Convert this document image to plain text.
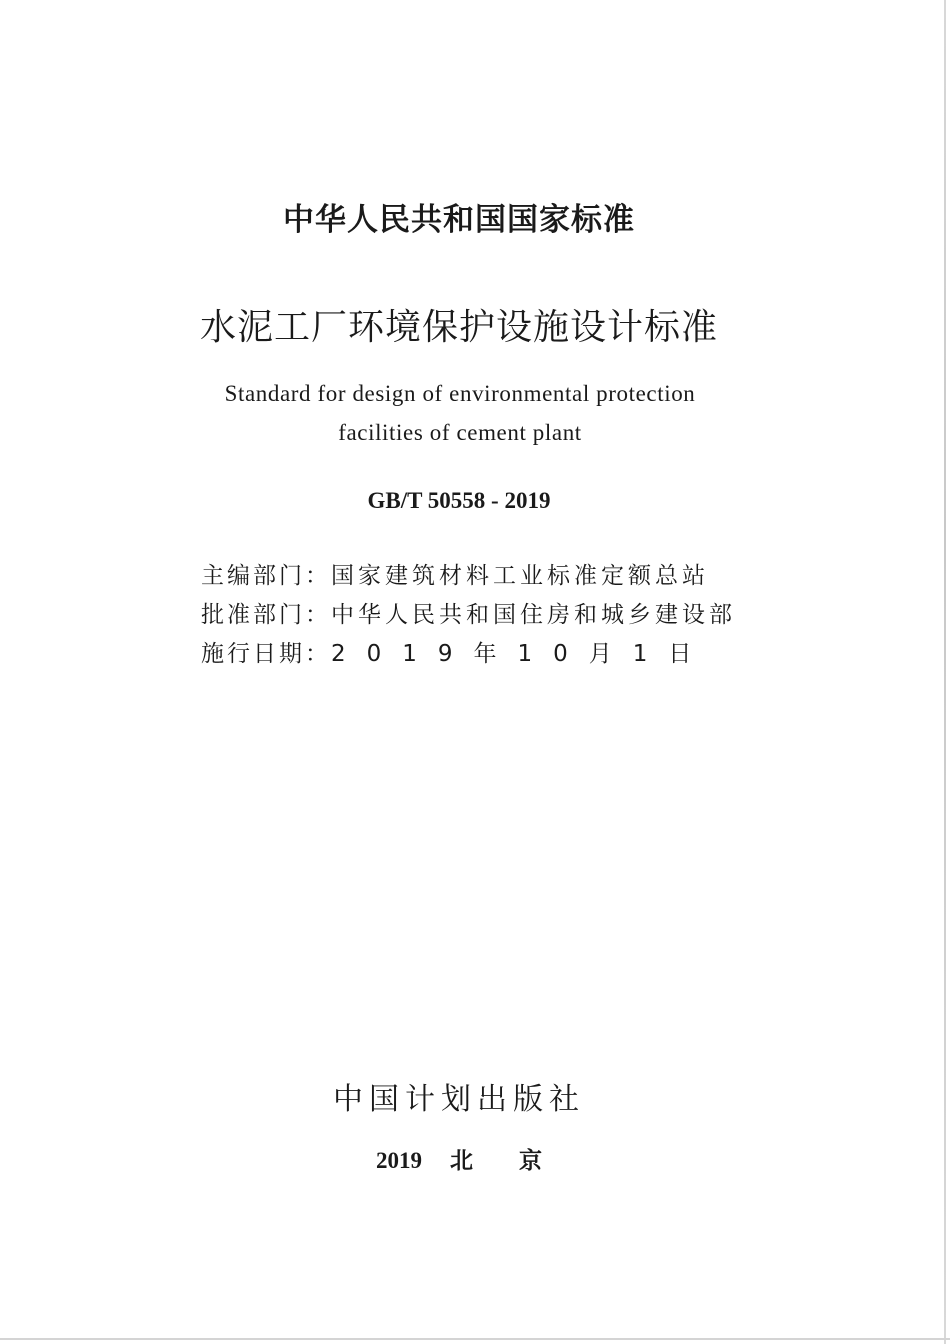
中华人民共和国国家标准
水泥工厂环境保护设施设计标准
Standard for design of environmental protection
facilities of cement plant
GB/T 50558 - 2019
主编部门： 国家建筑材料工业标准定额总站
批准部门： 中华人民共和国住房和城乡建设部
施行日期： 2019年10月1日
中国计划出版社
2019 北京
